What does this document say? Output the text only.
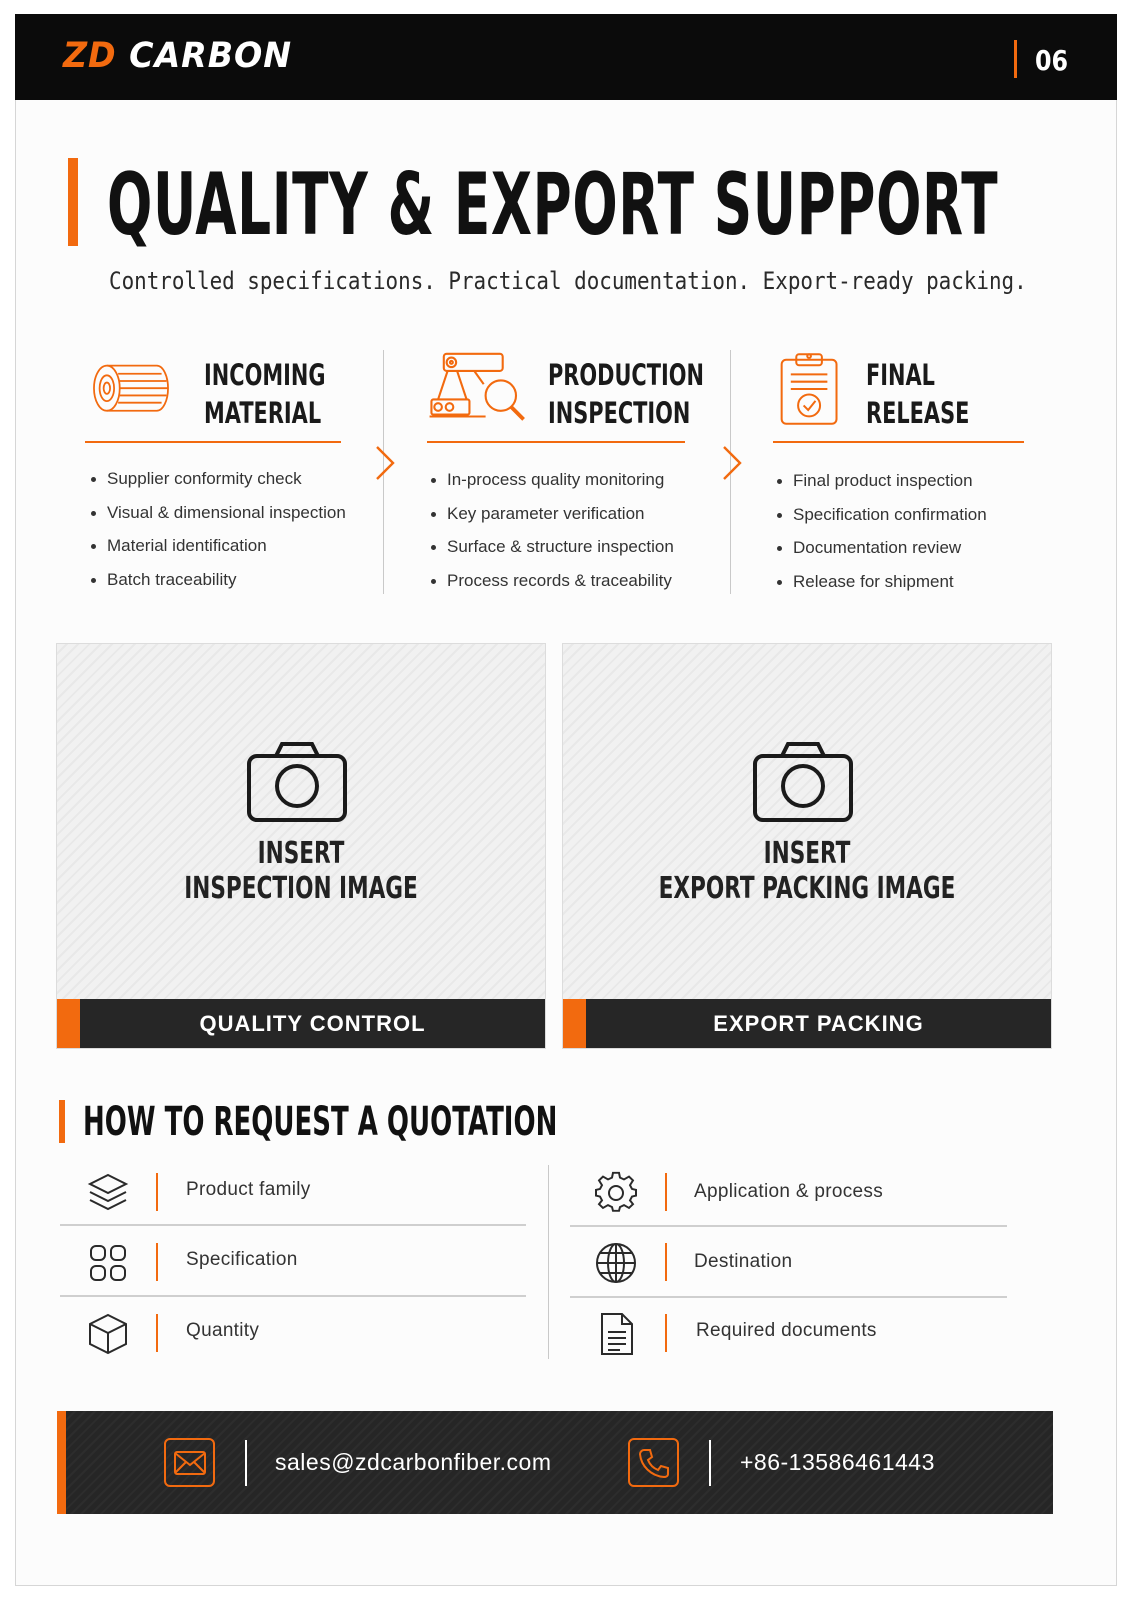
ZD CARBON	06
QUALITY & EXPORT SUPPORT
Controlled specifications. Practical documentation. Export-ready packing.
INCOMING
MATERIAL
Supplier conformity check
Visual & dimensional inspection
Material identification
Batch traceability
PRODUCTION
INSPECTION
In-process quality monitoring
Key parameter verification
Surface & structure inspection
Process records & traceability
FINAL
RELEASE
Final product inspection
Specification confirmation
Documentation review
Release for shipment
INSERT
INSPECTION IMAGE
QUALITY CONTROL
INSERT
EXPORT PACKING IMAGE
EXPORT PACKING
HOW TO REQUEST A QUOTATION
Product family
Specification
Quantity
Application & process
Destination
Required documents
sales@zdcarbonfiber.com	+86-13586461443
